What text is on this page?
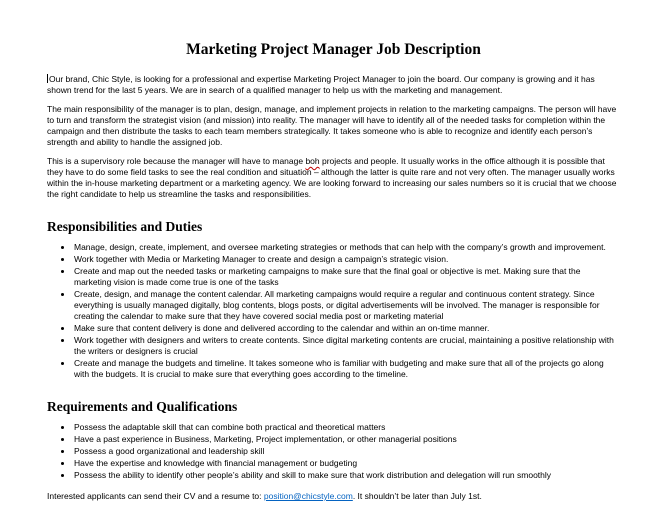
Marketing Project Manager Job Description

Our brand, Chic Style, is looking for a professional and expertise Marketing Project Manager to join the board. Our company is growing and it has shown trend for the last 5 years. We are in search of a qualified manager to help us with the marketing and management.

The main responsibility of the manager is to plan, design, manage, and implement projects in relation to the marketing campaigns. The person will have to turn and transform the strategist vision (and mission) into reality. The manager will have to identify all of the needed tasks for completion within the campaign and then distribute the tasks to each team members strategically. It takes someone who is able to recognize and identify each person’s strength and ability to handle the assigned job.

This is a supervisory role because the manager will have to manage boh projects and people. It usually works in the office although it is possible that they have to do some field tasks to see the real condition and situation – although the latter is quite rare and not very often. The manager usually works within the in-house marketing department or a marketing agency. We are looking forward to increasing our sales numbers so it is crucial that we choose the right candidate to help us streamline the tasks and responsibilities.

Responsibilities and Duties
• Manage, design, create, implement, and oversee marketing strategies or methods that can help with the company’s growth and improvement.
• Work together with Media or Marketing Manager to create and design a campaign’s strategic vision.
• Create and map out the needed tasks or marketing campaigns to make sure that the final goal or objective is met. Making sure that the marketing vision is made come true is one of the tasks
• Create, design, and manage the content calendar. All marketing campaigns would require a regular and continuous content strategy. Since everything is usually managed digitally, blog contents, blogs posts, or digital advertisements will be involved. The manager is responsible for creating the calendar to make sure that they have covered social media post or marketing material
• Make sure that content delivery is done and delivered according to the calendar and within an on-time manner.
• Work together with designers and writers to create contents. Since digital marketing contents are crucial, maintaining a positive relationship with the writers or designers is crucial
• Create and manage the budgets and timeline. It takes someone who is familiar with budgeting and make sure that all of the projects go along with the budgets. It is crucial to make sure that everything goes according to the timeline.
Requirements and Qualifications
• Possess the adaptable skill that can combine both practical and theoretical matters
• Have a past experience in Business, Marketing, Project implementation, or other managerial positions
• Possess a good organizational and leadership skill
• Have the expertise and knowledge with financial management or budgeting
• Possess the ability to identify other people’s ability and skill to make sure that work distribution and delegation will run smoothly

Interested applicants can send their CV and a resume to: position@chicstyle.com. It shouldn’t be later than July 1st.
